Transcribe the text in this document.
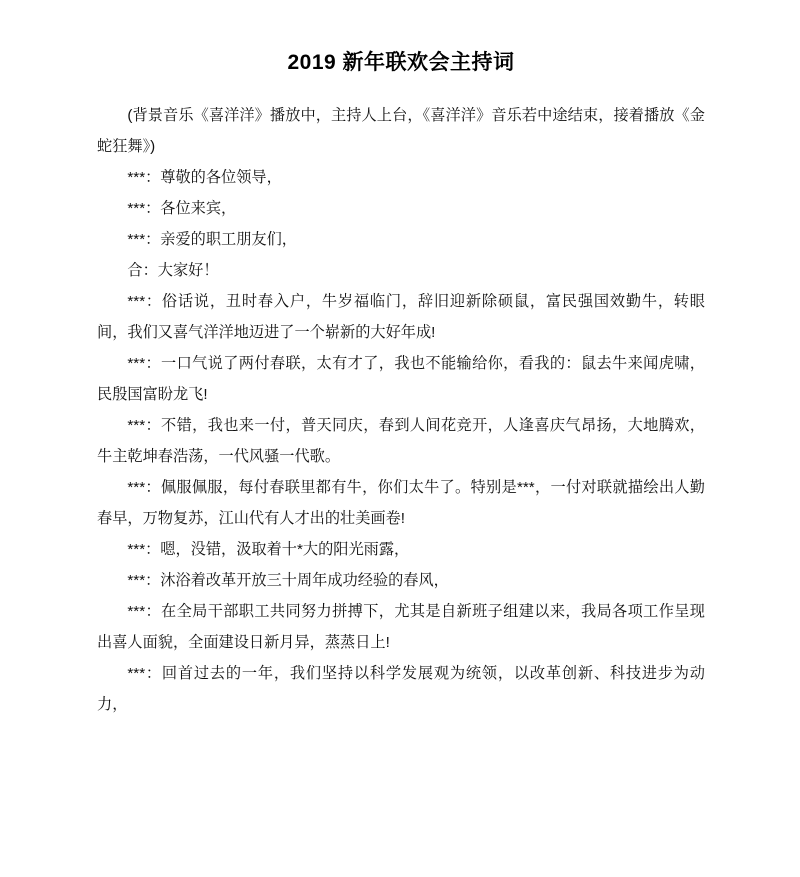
2019 新年联欢会主持词

(背景音乐《喜洋洋》播放中，主持人上台，《喜洋洋》音乐若中途结束，接着播放《金蛇狂舞》)

***：尊敬的各位领导，

***：各位来宾，

***：亲爱的职工朋友们，

合：大家好！

***：俗话说，丑时春入户，牛岁福临门，辞旧迎新除硕鼠，富民强国效勤牛，转眼间，我们又喜气洋洋地迈进了一个崭新的大好年成!

***：一口气说了两付春联，太有才了，我也不能输给你，看我的：鼠去牛来闻虎啸，民殷国富盼龙飞!

***：不错，我也来一付，普天同庆，春到人间花竞开，人逢喜庆气昂扬，大地腾欢，牛主乾坤春浩荡，一代风骚一代歌。

***：佩服佩服，每付春联里都有牛，你们太牛了。特别是***，一付对联就描绘出人勤春早，万物复苏，江山代有人才出的壮美画卷!

***：嗯，没错，汲取着十*大的阳光雨露，

***：沐浴着改革开放三十周年成功经验的春风，

***：在全局干部职工共同努力拼搏下，尤其是自新班子组建以来，我局各项工作呈现出喜人面貌，全面建设日新月异，蒸蒸日上!

***：回首过去的一年，我们坚持以科学发展观为统领，以改革创新、科技进步为动力，
